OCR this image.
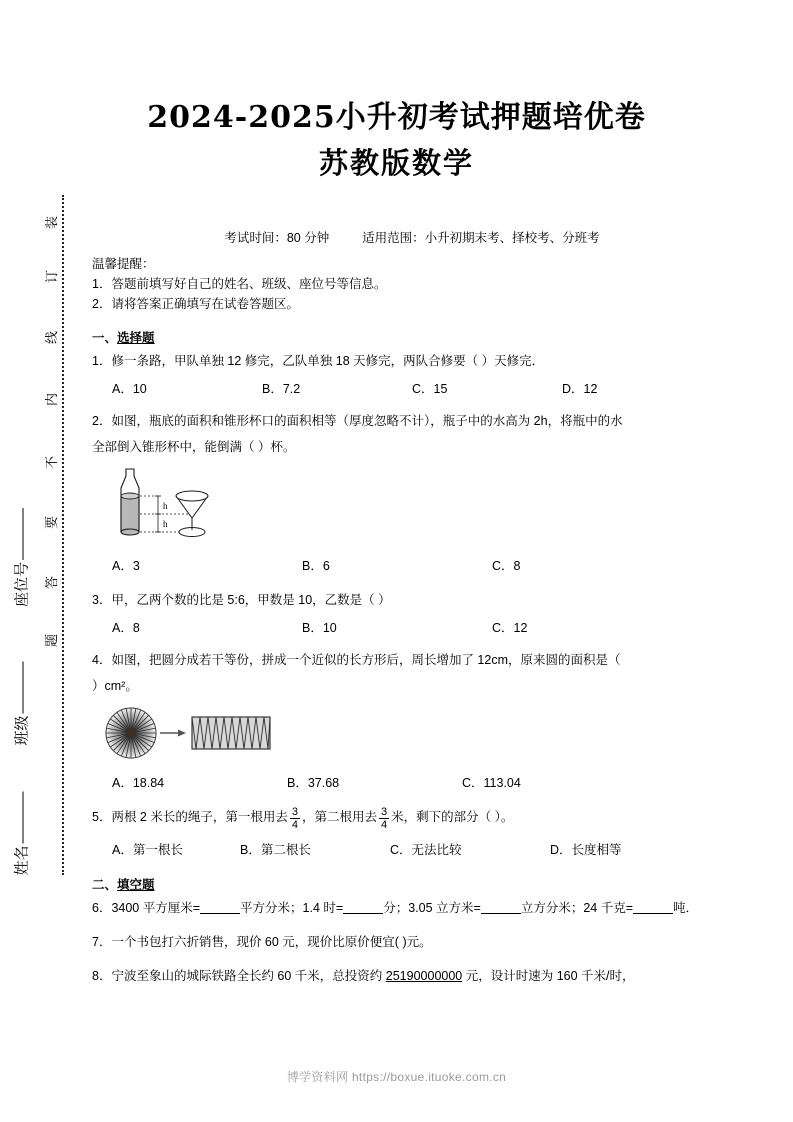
装
订
线
内
不
要
答
题
姓名
班级
座位号
2024-2025小升初考试押题培优卷
苏教版数学
考试时间：80 分钟	适用范围：小升初期末考、择校考、分班考
温馨提醒：
1．答题前填写好自己的姓名、班级、座位号等信息。
2．请将答案正确填写在试卷答题区。
一、选择题
1．修一条路，甲队单独 12 修完，乙队单独 18 天修完，两队合修要（ ）天修完．
A．10	B．7.2	C．15	D．12
2．如图，瓶底的面积和锥形杯口的面积相等（厚度忽略不计），瓶子中的水高为 2h，将瓶中的水
全部倒入锥形杯中，能倒满（ ）杯。
h
h
A．3	B．6	C．8
3．甲，乙两个数的比是 5:6，甲数是 10，乙数是（ ）
A．8	B．10	C．12
4．如图，把圆分成若干等份，拼成一个近似的长方形后，周长增加了 12cm，原来圆的面积是（
）cm²。
A．18.84	B．37.68	C．113.04
5．两根 2 米长的绳子，第一根用去 $\frac{3}{4}$ ，第二根用去 $\frac{3}{4}$ 米，剩下的部分（ ）。
A．第一根长	B．第二根长	C．无法比较	D．长度相等
二、填空题
6．3400 平方厘米=	平方分米；1.4 时=	分；3.05 立方米=	立方分米；24 千克=	吨．
7．一个书包打六折销售，现价 60 元，现价比原价便宜( )元。
8．宁波至象山的城际铁路全长约 60 千米，总投资约 25190000000 元，设计时速为 160 千米/时，
博学资料网 https://boxue.ituoke.com.cn
